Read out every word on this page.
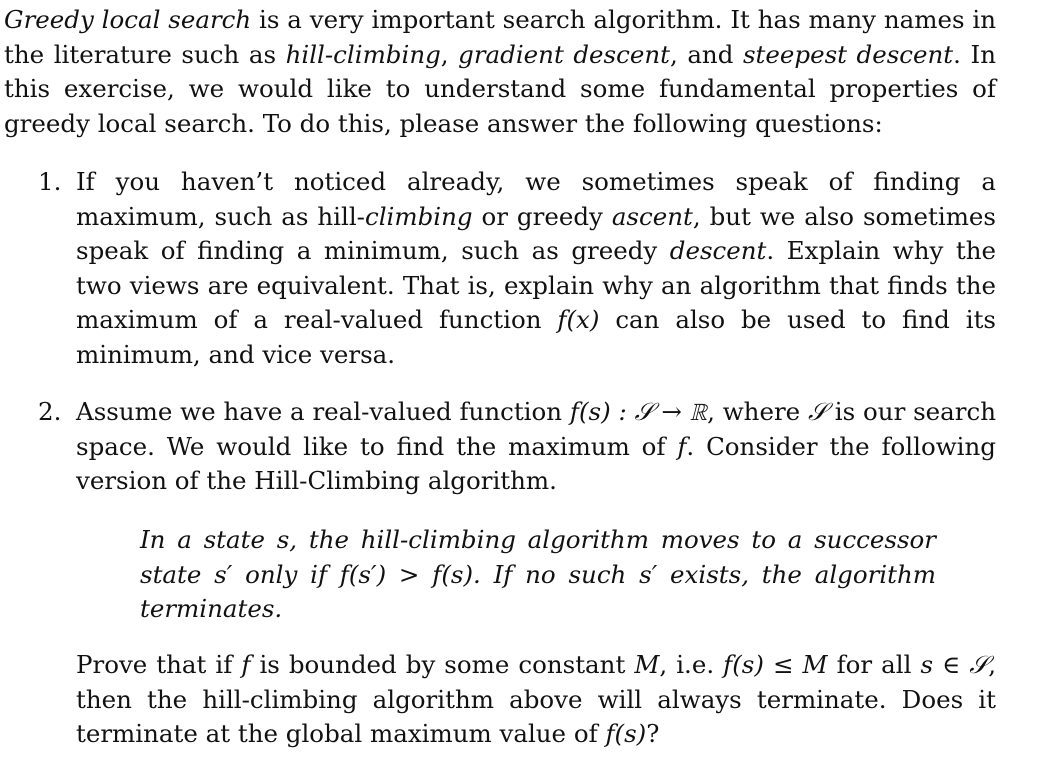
Greedy local search is a very important search algorithm. It has many names in the literature such as hill-climbing, gradient descent, and steepest descent. In this exercise, we would like to understand some fundamental properties of greedy local search. To do this, please answer the following questions:

1. If you haven’t noticed already, we sometimes speak of finding a maximum, such as hill-climbing or greedy ascent, but we also sometimes speak of finding a minimum, such as greedy descent. Explain why the two views are equivalent. That is, explain why an algorithm that finds the maximum of a real-valued function f(x) can also be used to find its minimum, and vice versa.

2. Assume we have a real-valued function f(s) : 𝒮 → ℝ, where 𝒮 is our search space. We would like to find the maximum of f. Consider the following version of the Hill-Climbing algorithm.

In a state s, the hill-climbing algorithm moves to a successor state s′ only if f(s′) > f(s). If no such s′ exists, the algorithm terminates.

Prove that if f is bounded by some constant M, i.e. f(s) ≤ M for all s ∈ 𝒮, then the hill-climbing algorithm above will always terminate. Does it terminate at the global maximum value of f(s)?
